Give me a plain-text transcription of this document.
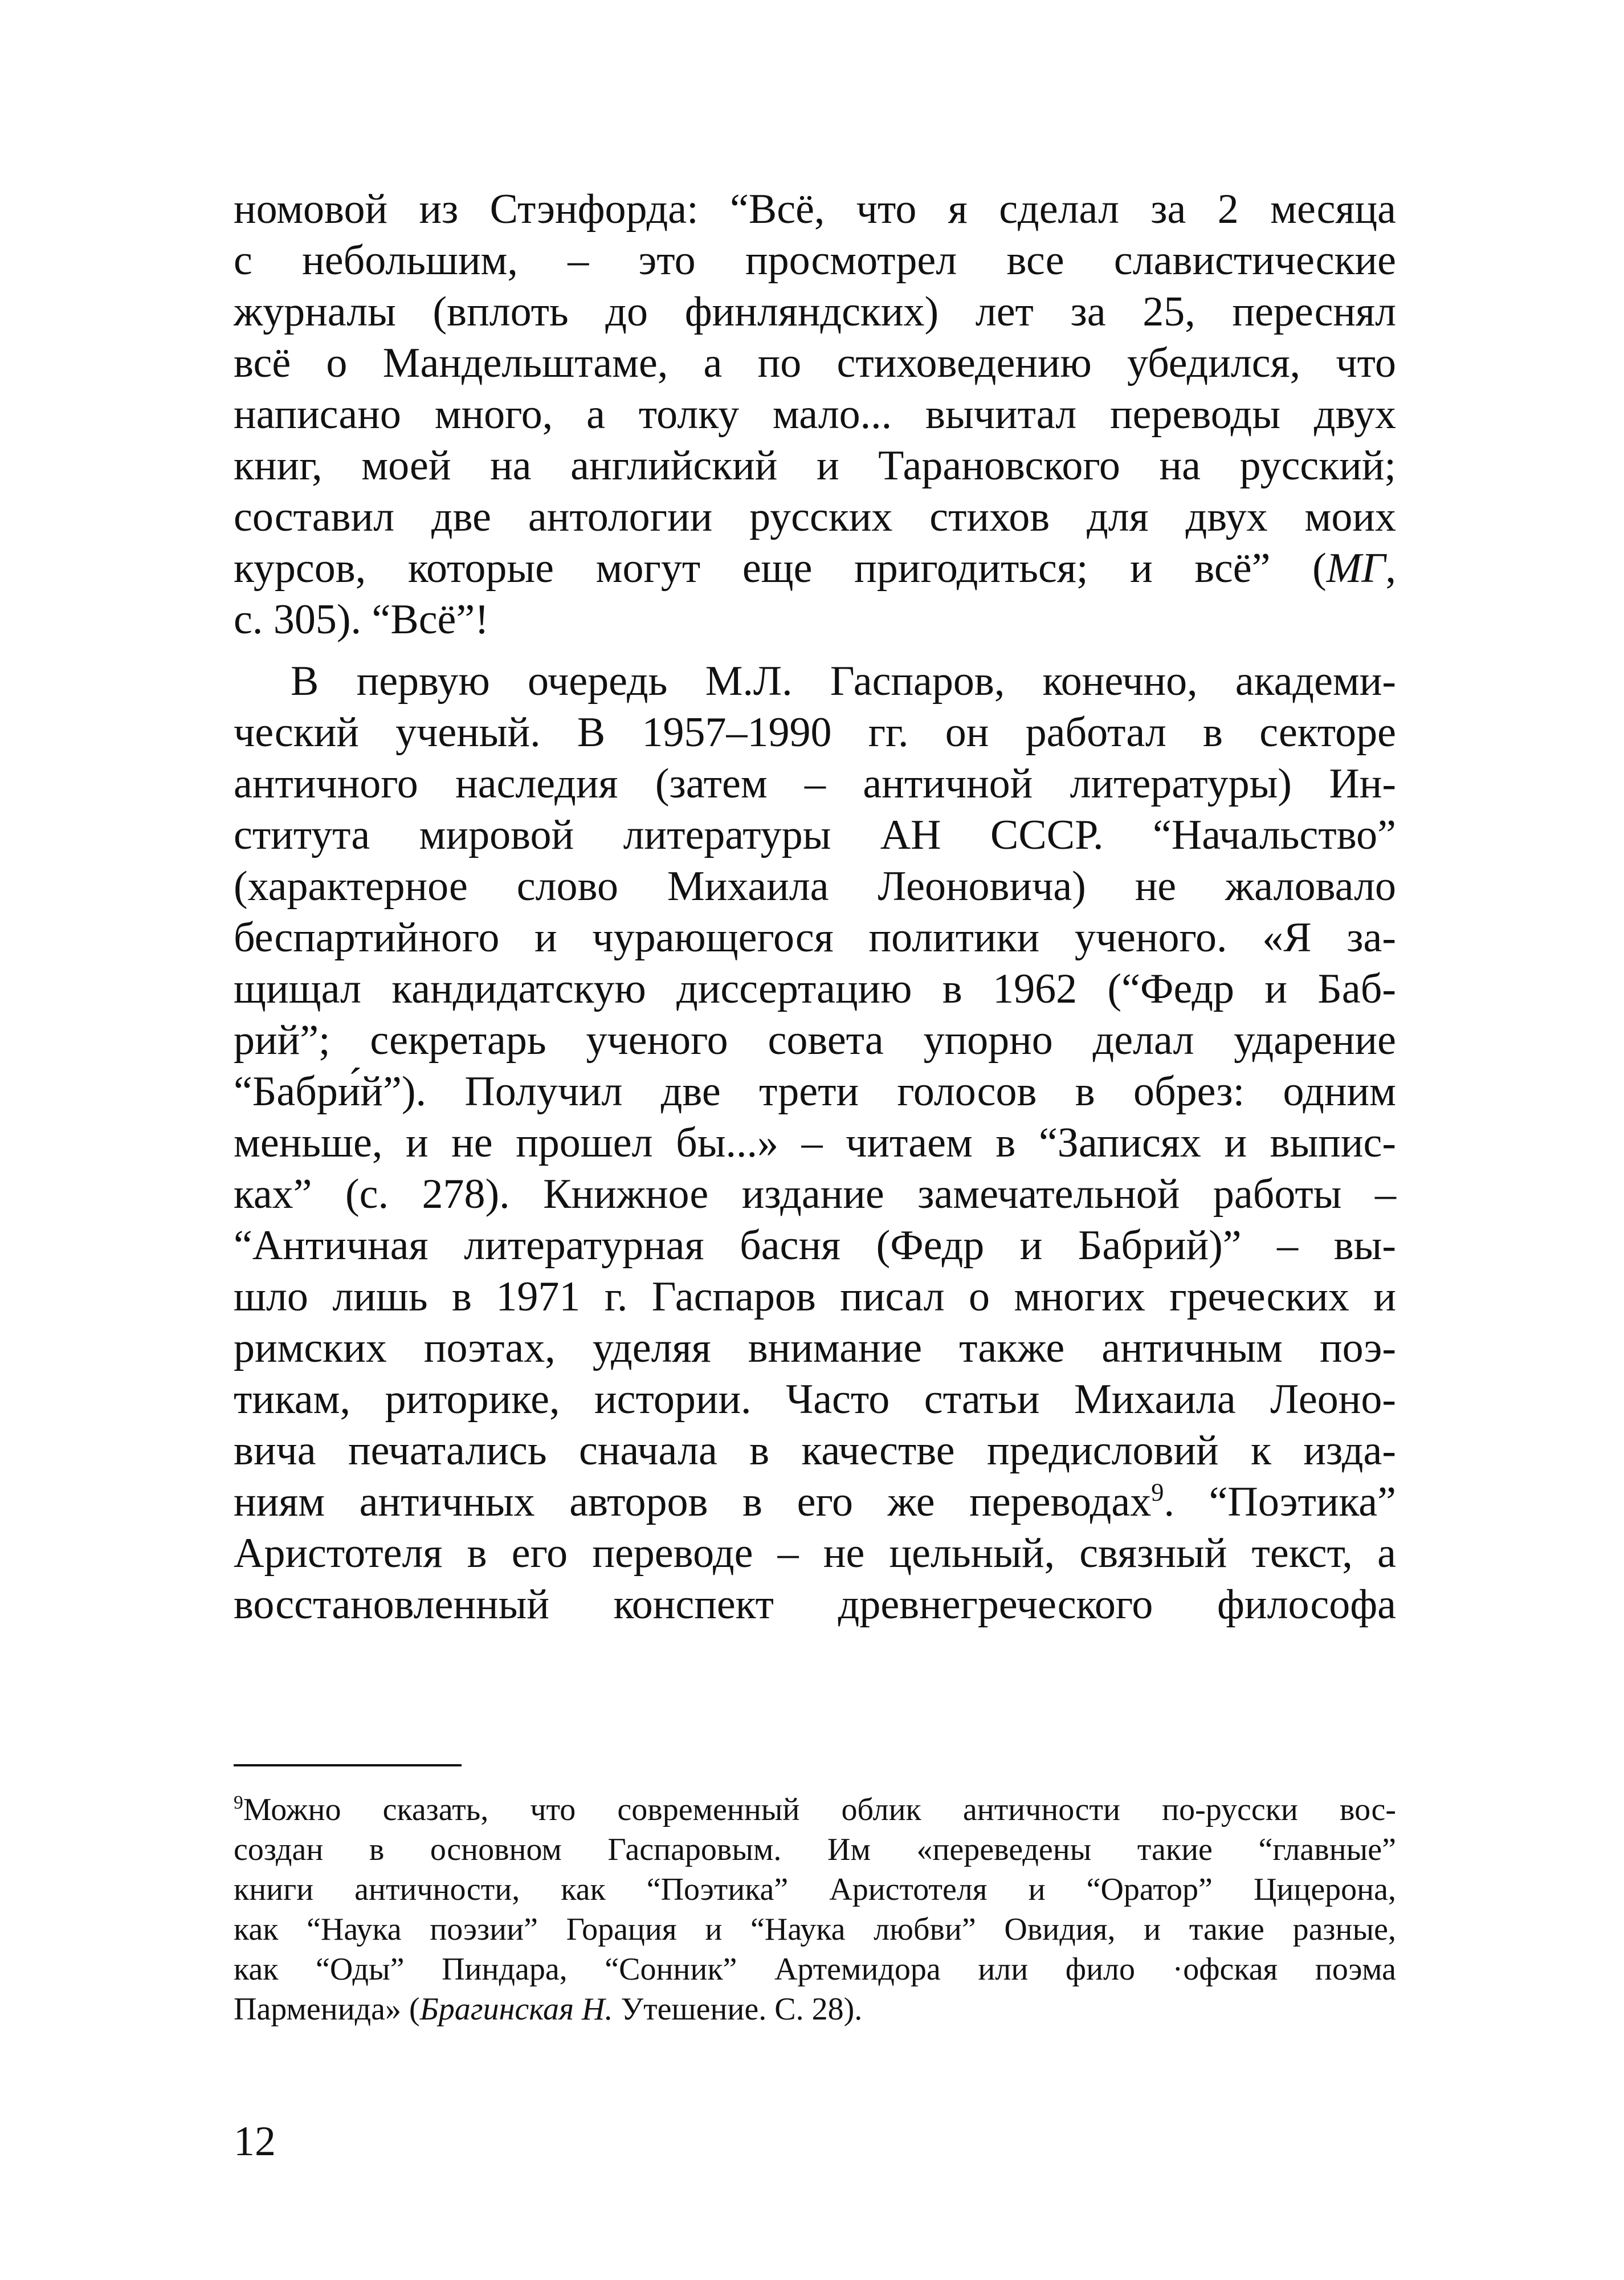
номовой из Стэнфорда: “Всё, что я сделал за 2 месяца
с небольшим, – это просмотрел все славистические
журналы (вплоть до финляндских) лет за 25, переснял
всё о Мандельштаме, а по стиховедению убедился, что
написано много, а толку мало... вычитал переводы двух
книг, моей на английский и Тарановского на русский;
составил две антологии русских стихов для двух моих
курсов, которые могут еще пригодиться; и всё” (МГ,
с. 305). “Всё”!

В первую очередь М.Л. Гаспаров, конечно, академи-
ческий ученый. В 1957–1990 гг. он работал в секторе
античного наследия (затем – античной литературы) Ин-
ститута мировой литературы АН СССР. “Начальство”
(характерное слово Михаила Леоновича) не жаловало
беспартийного и чурающегося политики ученого. «Я за-
щищал кандидатскую диссертацию в 1962 (“Федр и Баб-
рий”; секретарь ученого совета упорно делал ударение
“Бабри́й”). Получил две трети голосов в обрез: одним
меньше, и не прошел бы...» – читаем в “Записях и выпис-
ках” (с. 278). Книжное издание замечательной работы –
“Античная литературная басня (Федр и Бабрий)” – вы-
шло лишь в 1971 г. Гаспаров писал о многих греческих и
римских поэтах, уделяя внимание также античным поэ-
тикам, риторике, истории. Часто статьи Михаила Леоно-
вича печатались сначала в качестве предисловий к изда-
ниям античных авторов в его же переводах$^9$. “Поэтика”
Аристотеля в его переводе – не цельный, связный текст, а
восстановленный конспект древнегреческого философа

$^9$Можно сказать, что современный облик античности по-русски вос-
создан в основном Гаспаровым. Им «переведены такие “главные”
книги античности, как “Поэтика” Аристотеля и “Оратор” Цицерона,
как “Наука поэзии” Горация и “Наука любви” Овидия, и такие разные,
как “Оды” Пиндара, “Сонник” Артемидора или фило ·офская поэма
Парменида» (Брагинская Н. Утешение. С. 28).
12
